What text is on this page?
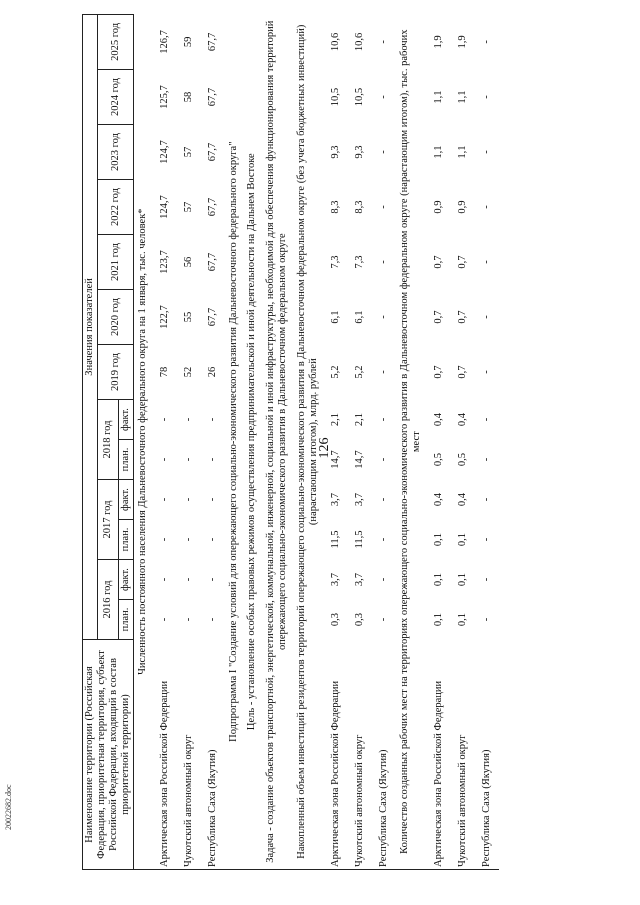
126
20022682.doc	Наименование территории (Российская Федерация, приоритетная территория, субъект Российской Федерации, входящий в состав приоритетной территории)	Значения показателей												
	2016 год		2017 год		2018 год		2019 год	2020 год	2021 год	2022 год	2023 год	2024 год	2025 год
	план.	факт.	план.	факт.	план.	факт.							
Численность постоянного населения Дальневосточного федерального округа на 1 января, тыс. человек*													
Арктическая зона Российской Федерации	-	-	-	-	-	-	78	122,7	123,7	124,7	124,7	125,7	126,7
Чукотский автономный округ	-	-	-	-	-	-	52	55	56	57	57	58	59
Республика Саха (Якутия)	-	-	-	-	-	-	26	67,7	67,7	67,7	67,7	67,7	67,7
Подпрограмма I "Создание условий для опережающего социально-экономического развития Дальневосточного федерального округа"													
Цель - установление особых правовых режимов осуществления предпринимательской и иной деятельности на Дальнем Востоке													
Задача - создание объектов транспортной, энергетической, коммунальной, инженерной, социальной и иной инфраструктуры, необходимой для обеспечения функционирования территорий опережающего социально-экономического развития в Дальневосточном федеральном округе													
Накопленный объем инвестиций резидентов территорий опережающего социально-экономического развития в Дальневосточном федеральном округе (без учета бюджетных инвестиций) (нарастающим итогом), млрд. рублей													
Арктическая зона Российской Федерации	0,3	3,7	11,5	3,7	14,7	2,1	5,2	6,1	7,3	8,3	9,3	10,5	10,6
Чукотский автономный округ	0,3	3,7	11,5	3,7	14,7	2,1	5,2	6,1	7,3	8,3	9,3	10,5	10,6
Республика Саха (Якутия)	-	-	-	-	-	-	-	-	-	-	-	-	-
Количество созданных рабочих мест на территориях опережающего социально-экономического развития в Дальневосточном федеральном округе (нарастающим итогом), тыс. рабочих мест													
Арктическая зона Российской Федерации	0,1	0,1	0,1	0,4	0,5	0,4	0,7	0,7	0,7	0,9	1,1	1,1	1,9
Чукотский автономный округ	0,1	0,1	0,1	0,4	0,5	0,4	0,7	0,7	0,7	0,9	1,1	1,1	1,9
Республика Саха (Якутия)	-	-	-	-	-	-	-	-	-	-	-	-	-
